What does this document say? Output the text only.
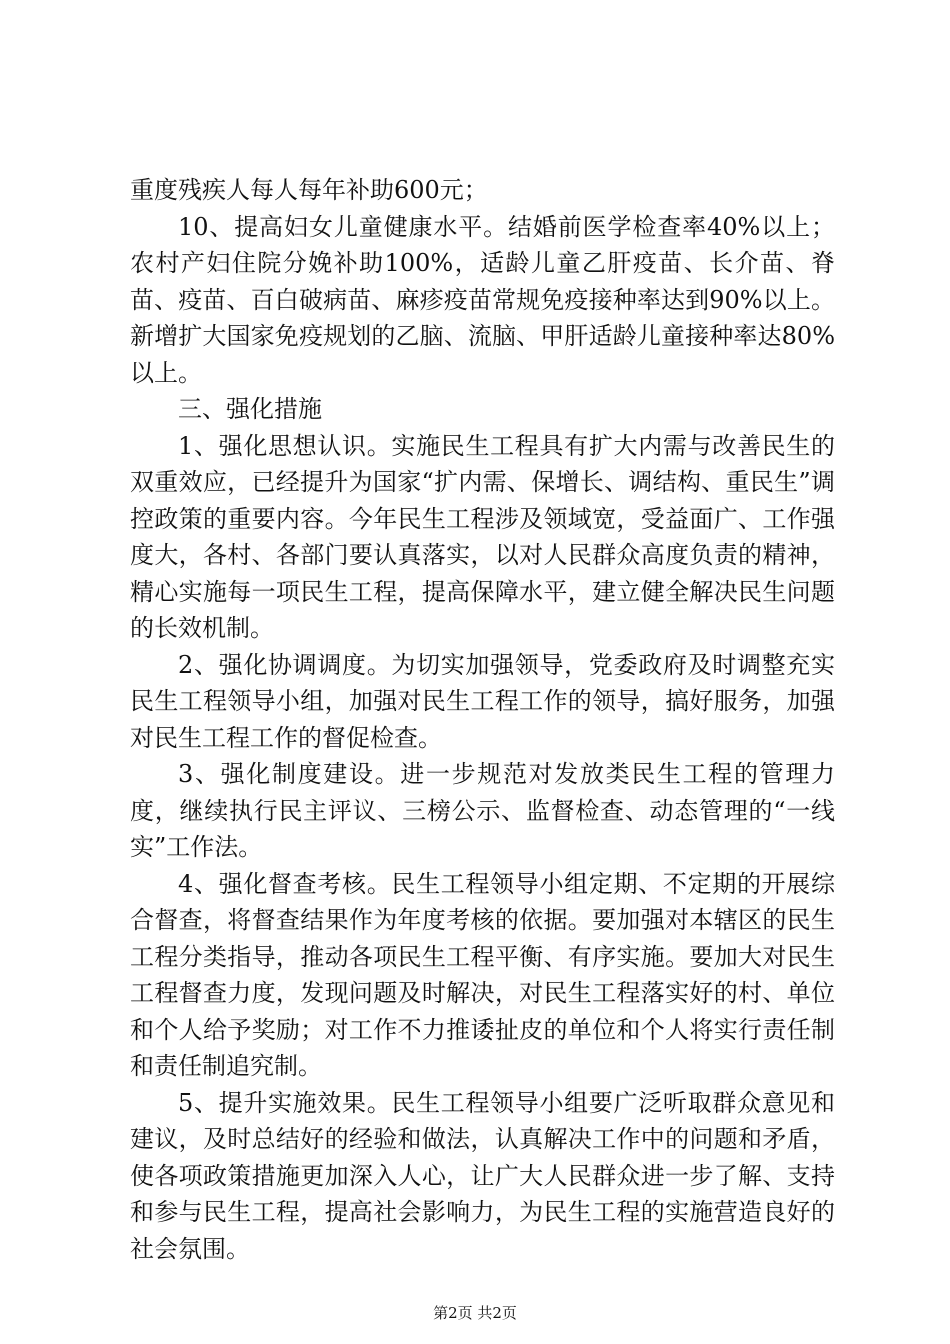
重度残疾人每人每年补助600元；

10、提高妇女儿童健康水平。结婚前医学检查率40%以上；农村产妇住院分娩补助100%，适龄儿童乙肝疫苗、长介苗、脊苗、疫苗、百白破病苗、麻疹疫苗常规免疫接种率达到90%以上。新增扩大国家免疫规划的乙脑、流脑、甲肝适龄儿童接种率达80%以上。

三、强化措施

1、强化思想认识。实施民生工程具有扩大内需与改善民生的双重效应，已经提升为国家“扩内需、保增长、调结构、重民生”调控政策的重要内容。今年民生工程涉及领域宽，受益面广、工作强度大，各村、各部门要认真落实，以对人民群众高度负责的精神，精心实施每一项民生工程，提高保障水平，建立健全解决民生问题的长效机制。

2、强化协调调度。为切实加强领导，党委政府及时调整充实民生工程领导小组，加强对民生工程工作的领导，搞好服务，加强对民生工程工作的督促检查。

3、强化制度建设。进一步规范对发放类民生工程的管理力度，继续执行民主评议、三榜公示、监督检查、动态管理的“一线实”工作法。

4、强化督查考核。民生工程领导小组定期、不定期的开展综合督查，将督查结果作为年度考核的依据。要加强对本辖区的民生工程分类指导，推动各项民生工程平衡、有序实施。要加大对民生工程督查力度，发现问题及时解决，对民生工程落实好的村、单位和个人给予奖励；对工作不力推诿扯皮的单位和个人将实行责任制和责任制追究制。

5、提升实施效果。民生工程领导小组要广泛听取群众意见和建议，及时总结好的经验和做法，认真解决工作中的问题和矛盾，使各项政策措施更加深入人心，让广大人民群众进一步了解、支持和参与民生工程，提高社会影响力，为民生工程的实施营造良好的社会氛围。

第2页 共2页
